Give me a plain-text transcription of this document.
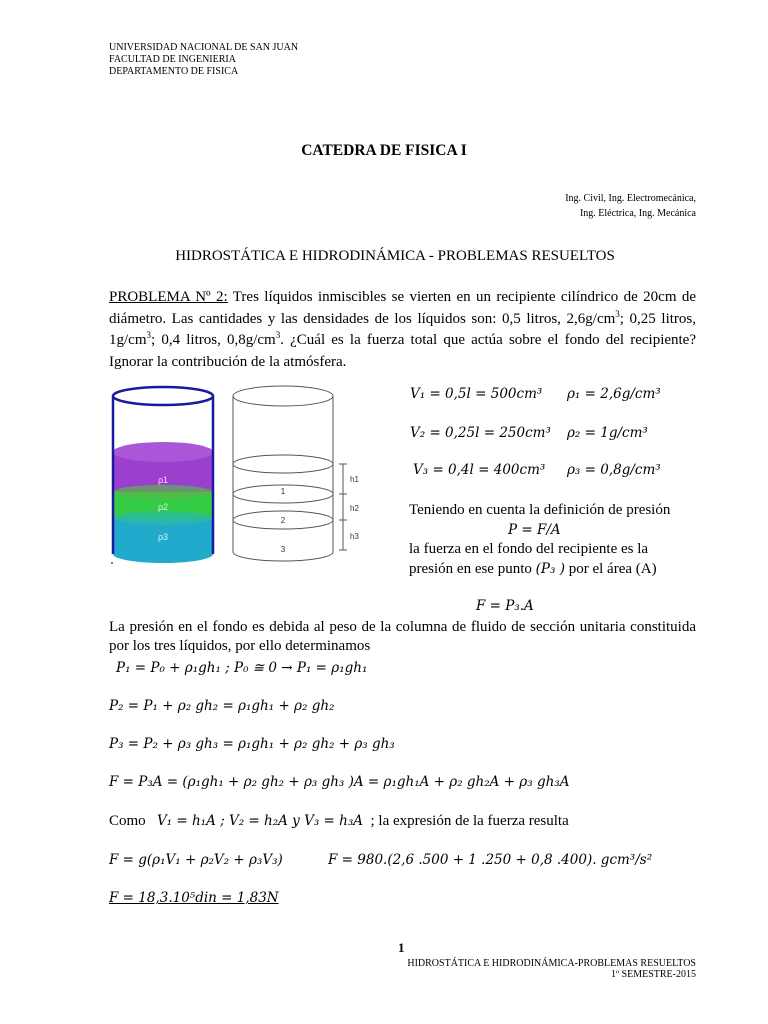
UNIVERSIDAD NACIONAL DE SAN JUAN
FACULTAD DE INGENIERIA
DEPARTAMENTO DE FISICA
CATEDRA DE FISICA I
Ing. Civil, Ing. Electromecánica,
Ing. Eléctrica, Ing. Mecánica
HIDROSTÁTICA E HIDRODINÁMICA - PROBLEMAS RESUELTOS
PROBLEMA Nº 2: Tres líquidos inmiscibles se vierten en un recipiente cilíndrico de 20cm de diámetro. Las cantidades y las densidades de los líquidos son: 0,5 litros, $2,6g/cm^3$; 0,25 litros, $1g/cm^3$; 0,4 litros, $0,8g/cm^3$. ¿Cuál es la fuerza total que actúa sobre el fondo del recipiente? Ignorar la contribución de la atmósfera.
ρ1
ρ2
ρ3
1
2
3
h1
h2
h3
V₁ = 0,5l = 500cm³ ρ₁ = 2,6g/cm³
V₂ = 0,25l = 250cm³ ρ₂ = 1g/cm³
V₃ = 0,4l = 400cm³ ρ₃ = 0,8g/cm³
Teniendo en cuenta la definición de presión
P = F/A
la fuerza en el fondo del recipiente es la
presión en ese punto (P₃ ) por el área (A)
F = P₃.A
La presión en el fondo es debida al peso de la columna de fluido de sección unitaria constituida por los tres líquidos, por ello determinamos
P₁ = P₀ + ρ₁gh₁ ; P₀ ≅ 0 → P₁ = ρ₁gh₁
P₂ = P₁ + ρ₂ gh₂ = ρ₁gh₁ + ρ₂ gh₂
P₃ = P₂ + ρ₃ gh₃ = ρ₁gh₁ + ρ₂ gh₂ + ρ₃ gh₃
F = P₃A = (ρ₁gh₁ + ρ₂ gh₂ + ρ₃ gh₃ )A = ρ₁gh₁A + ρ₂ gh₂A + ρ₃ gh₃A
Como V₁ = h₁A ; V₂ = h₂A y V₃ = h₃A ; la expresión de la fuerza resulta
F = g(ρ₁V₁ + ρ₂V₂ + ρ₃V₃)	F = 980.(2,6 .500 + 1 .250 + 0,8 .400). gcm³/s²
F = 18,3.10⁵din = 1,83N
1
HIDROSTÁTICA E HIDRODINÁMICA-PROBLEMAS RESUELTOS
1º SEMESTRE-2015
